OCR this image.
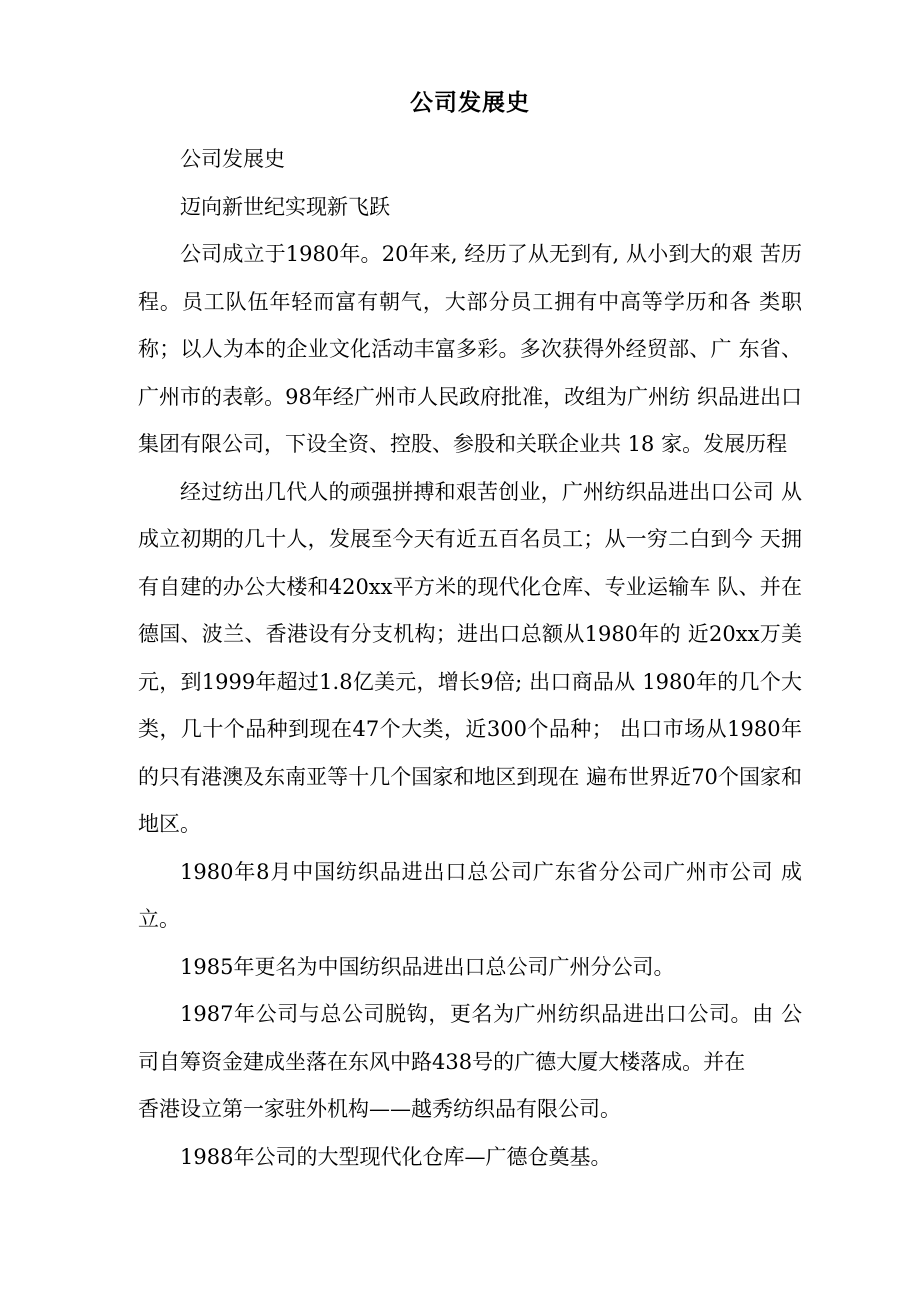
公司发展史

公司发展史

迈向新世纪实现新飞跃

公司成立于1980年。20年来, 经历了从无到有, 从小到大的艰 苦历程。员工队伍年轻而富有朝气，大部分员工拥有中高等学历和各 类职称；以人为本的企业文化活动丰富多彩。多次获得外经贸部、广 东省、广州市的表彰。98年经广州市人民政府批准，改组为广州纺 织品进出口集团有限公司，下设全资、控股、参股和关联企业共 18 家。发展历程

经过纺出几代人的顽强拼搏和艰苦创业，广州纺织品进出口公司 从成立初期的几十人，发展至今天有近五百名员工；从一穷二白到今 天拥有自建的办公大楼和420xx平方米的现代化仓库、专业运输车 队、并在德国、波兰、香港设有分支机构；进出口总额从1980年的 近20xx万美元，到1999年超过1.8亿美元，增长9倍; 出口商品从 1980年的几个大类，几十个品种到现在47个大类，近300个品种； 出口市场从1980年的只有港澳及东南亚等十几个国家和地区到现在 遍布世界近70个国家和地区。

1980年8月中国纺织品进出口总公司广东省分公司广州市公司 成立。

1985年更名为中国纺织品进出口总公司广州分公司。

1987年公司与总公司脱钩，更名为广州纺织品进出口公司。由 公司自筹资金建成坐落在东风中路438号的广德大厦大楼落成。并在

香港设立第一家驻外机构——越秀纺织品有限公司。

1988年公司的大型现代化仓库—广德仓奠基。
